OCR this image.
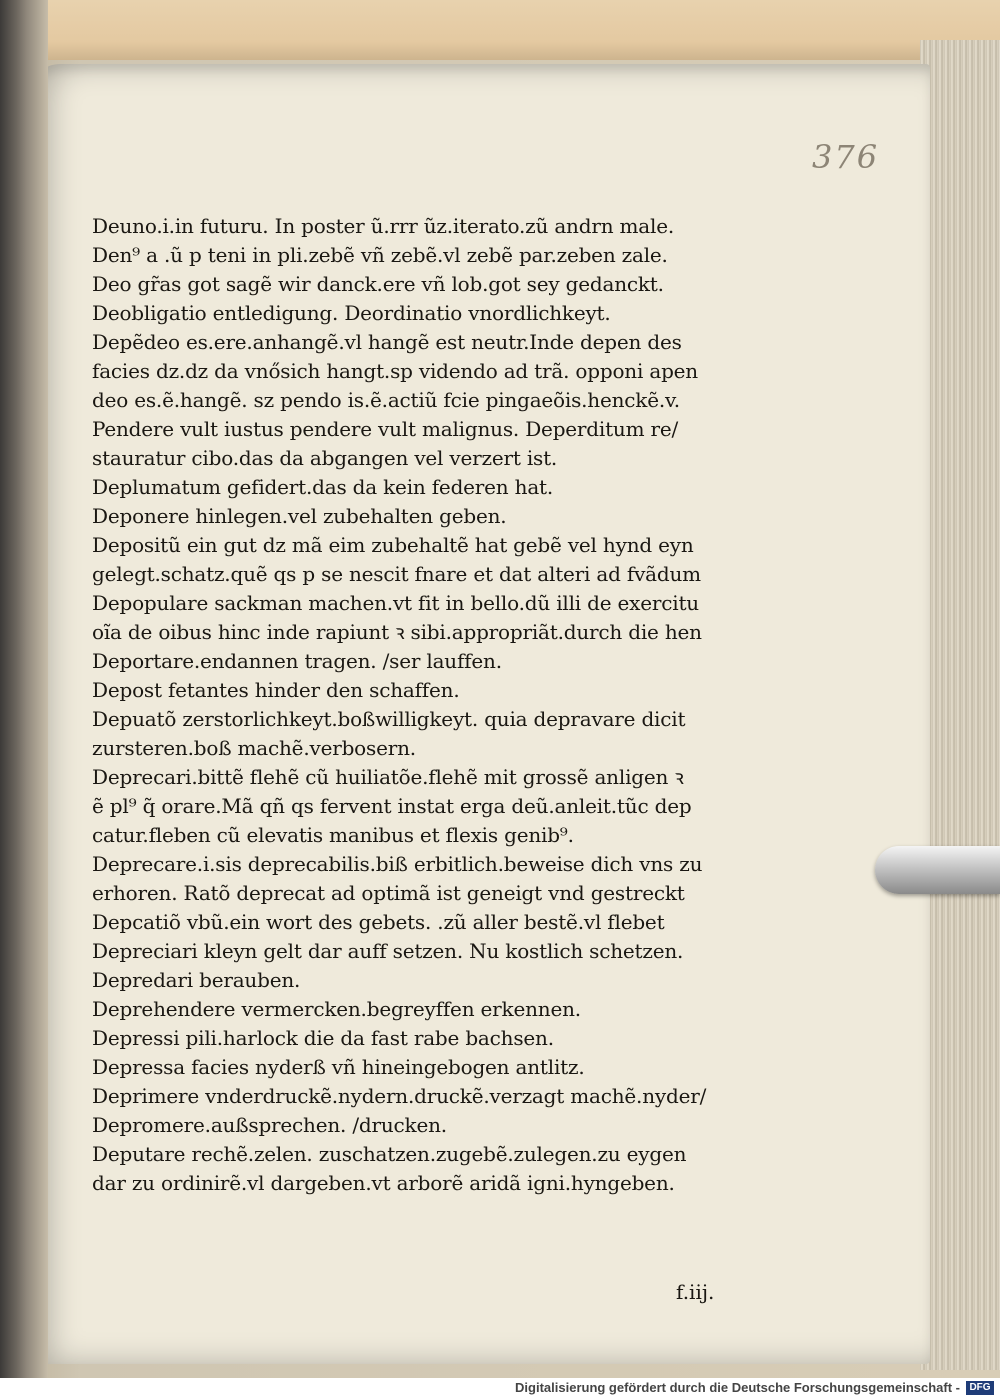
376
Deuno.i.in futuru. In poster ũ.rrr ũz.iterato.zũ andrn male.
Den⁹ a .ũ p teni in pli.zebẽ vñ zebẽ.vl zebẽ par.zeben zale.
Deo gr̃as got sagẽ wir danck.ere vñ lob.got sey gedanckt.
Deobligatio entledigung. Deordinatio vnordlichkeyt.
Depẽdeo es.ere.anhangẽ.vl hangẽ est neutr.Inde depen des
facies dz.dz da vnősich hangt.sp videndo ad trã. opponi apen
deo es.ẽ.hangẽ. sz pendo is.ẽ.actiũ fcie pingaeõis.henckẽ.v.
Pendere vult iustus pendere vult malignus. Deperditum re/
stauratur cibo.das da abgangen vel verzert ist.
Deplumatum gefidert.das da kein federen hat.
Deponere hinlegen.vel zubehalten geben.
Depositũ ein gut dz mã eim zubehaltẽ hat gebẽ vel hynd eyn
gelegt.schatz.quẽ qs p se nescit fnare et dat alteri ad fvãdum
Depopulare sackman machen.vt fit in bello.dũ illi de exercitu
oĩa de oibus hinc inde rapiunt ꝛ sibi.appropriãt.durch die hen
Deportare.endannen tragen. /ser lauffen.
Depost fetantes hinder den schaffen.
Depuatõ zerstorlichkeyt.boßwilligkeyt. quia depravare dicit
zursteren.boß machẽ.verbosern.
Deprecari.bittẽ flehẽ cũ huiliatõe.flehẽ mit grossẽ anligen ꝛ
ẽ pl⁹ q̃ orare.Mã qñ qs fervent instat erga deũ.anleit.tũc dep
catur.fleben cũ elevatis manibus et flexis genib⁹.
Deprecare.i.sis deprecabilis.biß erbitlich.beweise dich vns zu
erhoren. Ratõ deprecat ad optimã ist geneigt vnd gestreckt
Depcatiõ vbũ.ein wort des gebets. .zũ aller bestẽ.vl flebet
Depreciari kleyn gelt dar auff setzen. Nu kostlich schetzen.
Depredari berauben.
Deprehendere vermercken.begreyffen erkennen.
Depressi pili.harlock die da fast rabe bachsen.
Depressa facies nyderß vñ hineingebogen antlitz.
Deprimere vnderdruckẽ.nydern.druckẽ.verzagt machẽ.nyder/
Depromere.außsprechen. /drucken.
Deputare rechẽ.zelen. zuschatzen.zugebẽ.zulegen.zu eygen
dar zu ordinirẽ.vl dargeben.vt arborẽ aridã igni.hyngeben.
f.iij.
Digitalisierung gefördert durch die Deutsche Forschungsgemeinschaft - DFG
